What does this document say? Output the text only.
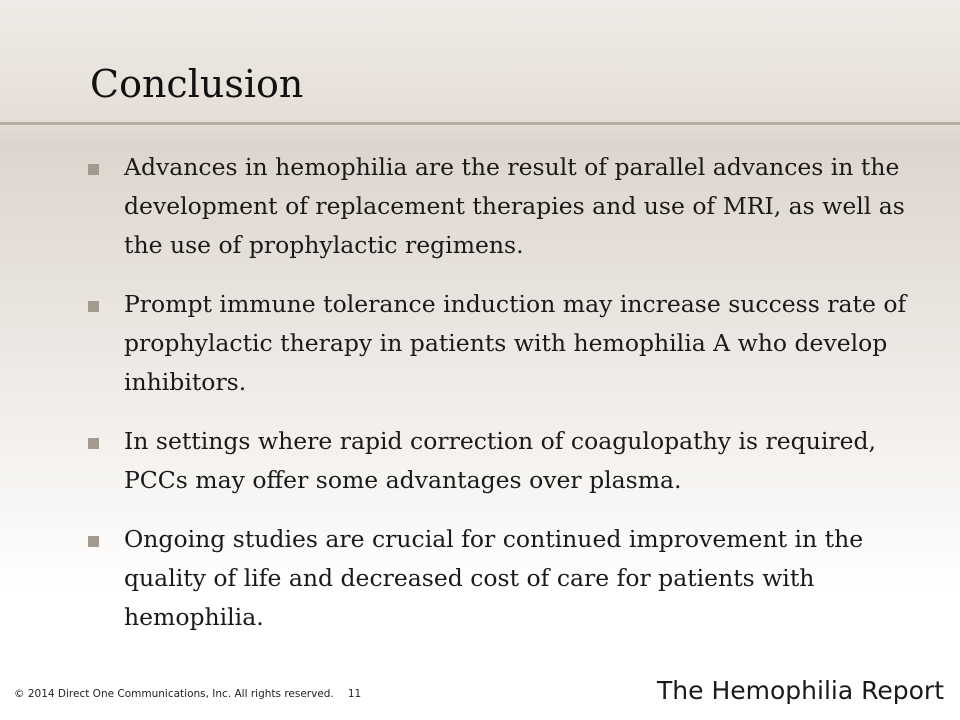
Conclusion
Advances in hemophilia are the result of parallel advances in the development of replacement therapies and use of MRI, as well as the use of prophylactic regimens.
Prompt immune tolerance induction may increase success rate of prophylactic therapy in patients with hemophilia A who develop inhibitors.
In settings where rapid correction of coagulopathy is required, PCCs may offer some advantages over plasma.
Ongoing studies are crucial for continued improvement in the quality of life and decreased cost of care for patients with hemophilia.
© 2014 Direct One Communications, Inc. All rights reserved. 11	The Hemophilia Report
